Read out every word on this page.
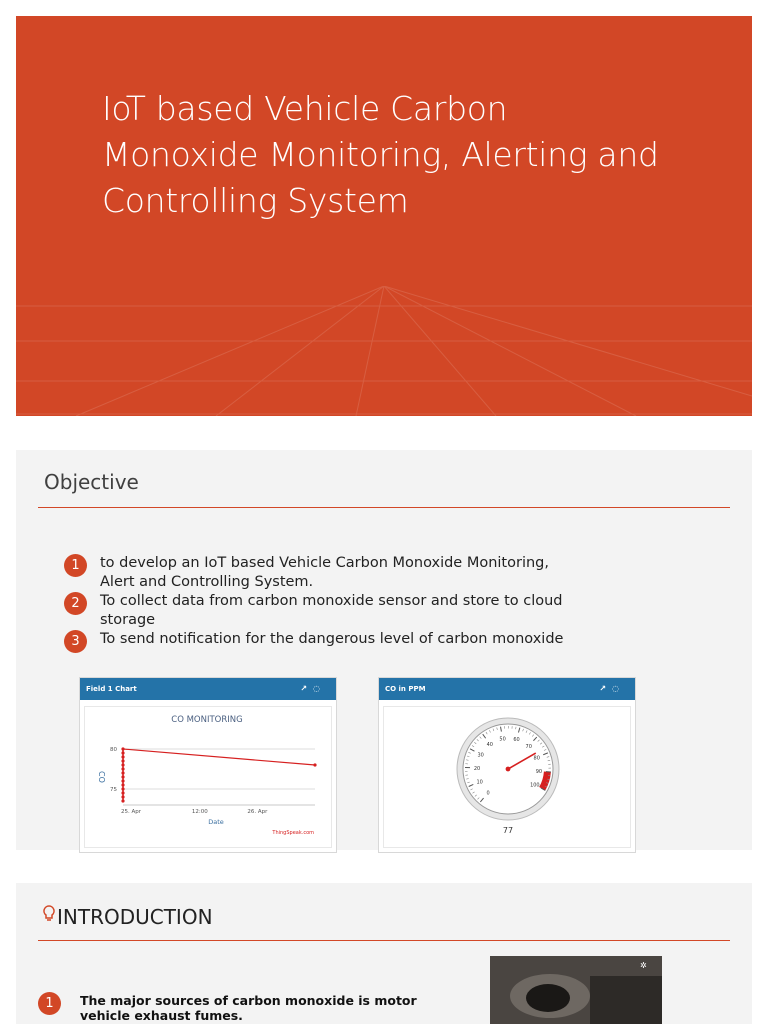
IoT based Vehicle Carbon Monoxide Monitoring, Alerting and Controlling System
Objective
1	to develop an IoT based Vehicle Carbon Monoxide Monitoring, Alert and Controlling System.
2	To collect data from carbon monoxide sensor and store to cloud storage
3	To send notification for the dangerous level of carbon monoxide
Field 1 Chart	↗◌
CO MONITORING
CO
Date
ThingSpeak.com
75
80
25. Apr	12:00	26. Apr
CO in PPM	↗◌
0
10
20
30
40
50 60
70
80
90
100
77
INTRODUCTION
1	The major sources of carbon monoxide is motor vehicle exhaust fumes.
✲
